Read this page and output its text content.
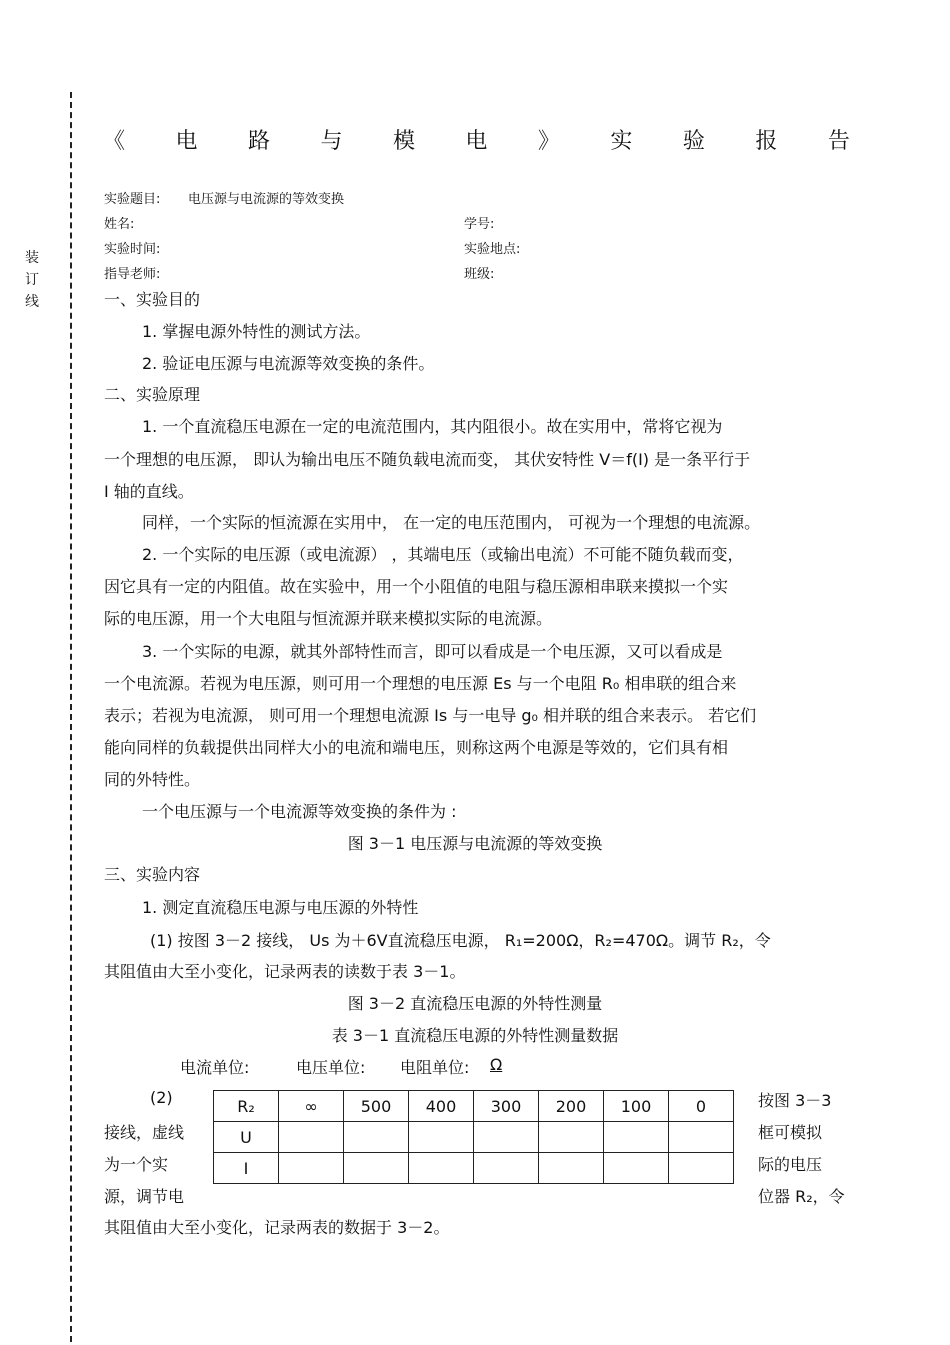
装订线
《 电 路 与 模 电 》 实 验 报 告
实验题目: 电压源与电流源的等效变换
姓名:	学号:
实验时间:	实验地点:
指导老师:	班级:
一、实验目的
1. 掌握电源外特性的测试方法。
2. 验证电压源与电流源等效变换的条件。
二、实验原理
1. 一个直流稳压电源在一定的电流范围内，其内阻很小。故在实用中，常将它视为
一个理想的电压源， 即认为输出电压不随负载电流而变， 其伏安特性 V＝f(I) 是一条平行于
I 轴的直线。
同样，一个实际的恒流源在实用中， 在一定的电压范围内， 可视为一个理想的电流源。
2. 一个实际的电压源（或电流源） ，其端电压（或输出电流）不可能不随负载而变，
因它具有一定的内阻值。故在实验中，用一个小阻值的电阻与稳压源相串联来摸拟一个实
际的电压源，用一个大电阻与恒流源并联来模拟实际的电流源。
3. 一个实际的电源，就其外部特性而言，即可以看成是一个电压源，又可以看成是
一个电流源。若视为电压源，则可用一个理想的电压源 Es 与一个电阻 R₀ 相串联的组合来
表示；若视为电流源， 则可用一个理想电流源 Is 与一电导 g₀ 相并联的组合来表示。 若它们
能向同样的负载提供出同样大小的电流和端电压，则称这两个电源是等效的，它们具有相
同的外特性。
一个电压源与一个电流源等效变换的条件为 :
图 3－1 电压源与电流源的等效变换
三、实验内容
1. 测定直流稳压电源与电压源的外特性
(1) 按图 3－2 接线， Us 为＋6V直流稳压电源， R₁=200Ω，R₂=470Ω。调节 R₂，令
其阻值由大至小变化，记录两表的读数于表 3－1。
图 3－2 直流稳压电源的外特性测量
表 3－1 直流稳压电源的外特性测量数据
电流单位:	电压单位: 电阻单位: Ω
(2)
接线，虚线
为一个实
源，调节电
按图 3－3
框可模拟
际的电压
位器 R₂，令
R₂	∞	500	400	300	200	100	0
U							
I							
其阻值由大至小变化，记录两表的数据于 3－2。
